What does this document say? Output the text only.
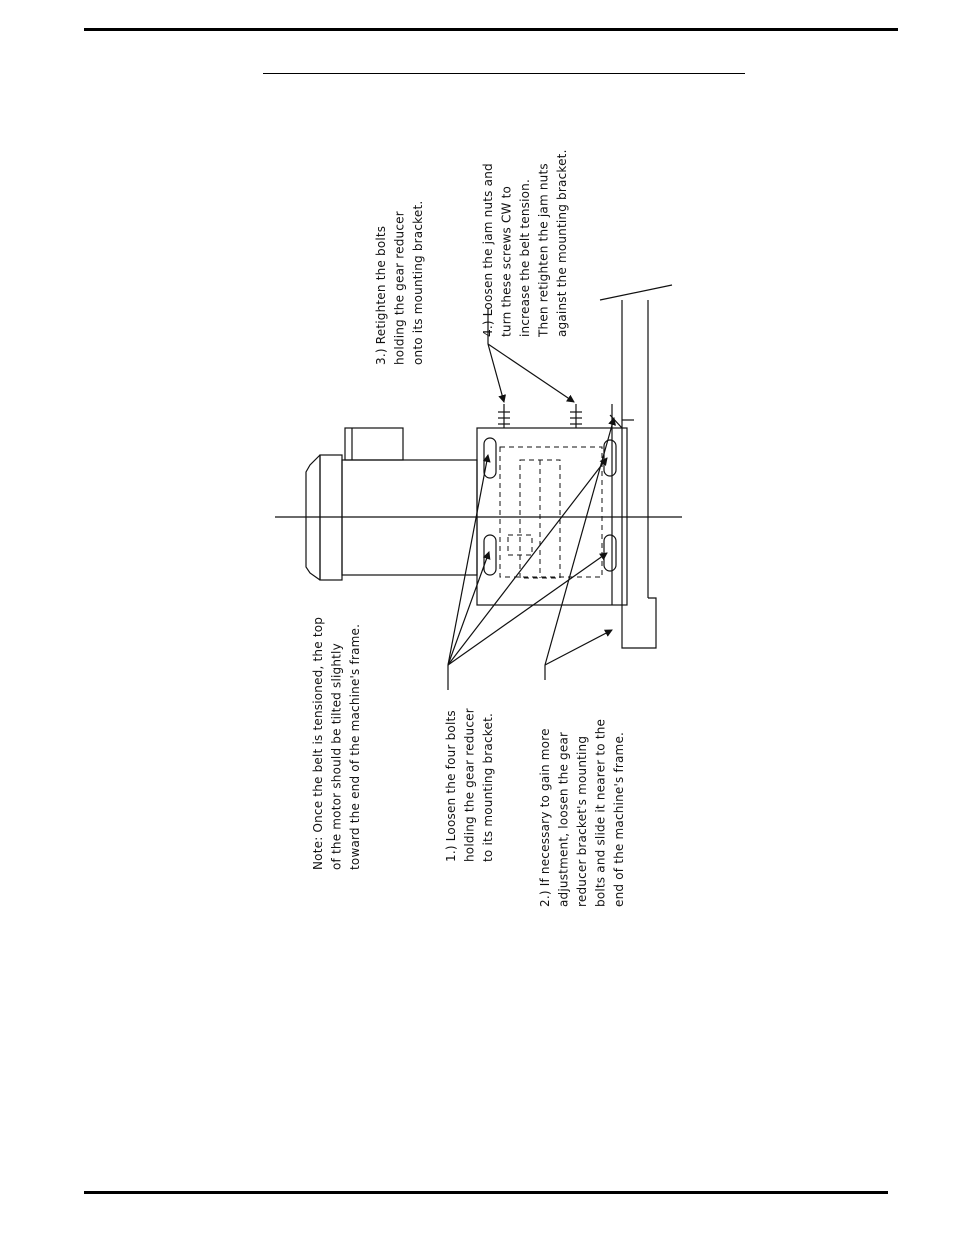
Note: Once the belt is tensioned, the top of the motor should be tilted slightly toward the end of the machine's frame.	1.) Loosen the four bolts holding the gear reducer to its mounting bracket.	2.) If necessary to gain more adjustment, loosen the gear reducer bracket's mounting bolts and slide it nearer to the end of the machine's frame.
3.) Retighten the bolts holding the gear reducer onto its mounting bracket.	4.) Loosen the jam nuts and turn these screws CW to increase the belt tension. Then retighten the jam nuts against the mounting bracket.
